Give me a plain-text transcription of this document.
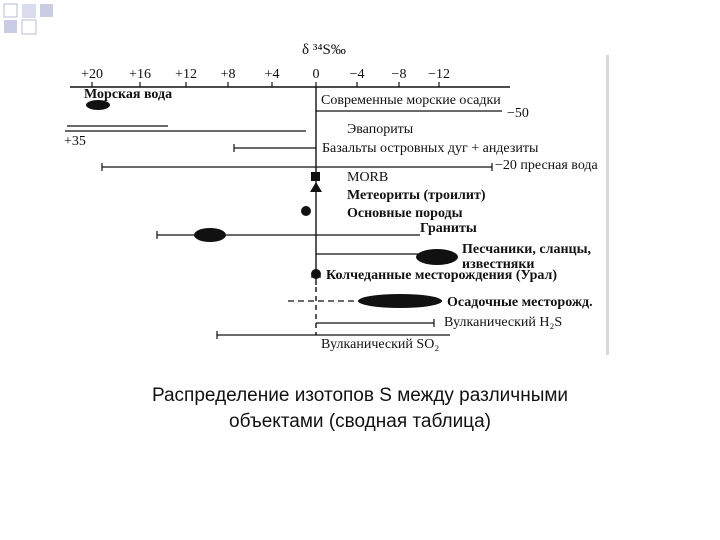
δ ³⁴S‰
+20 +16 +12 +8 +4 0 −4 −8 −12
Морская вода	Современные морские осадки
−50
+35
Эвапориты
Базальты островных дуг + андезиты
−20 пресная вода
MORB
Метеориты (троилит)
Основные породы
Граниты
Песчаники, сланцы,
известняки
Колчеданные месторождения (Урал)
Осадочные месторожд.
Вулканический H₂S
Вулканический SO₂
Распределение изотопов S между различными
объектами (сводная таблица)
